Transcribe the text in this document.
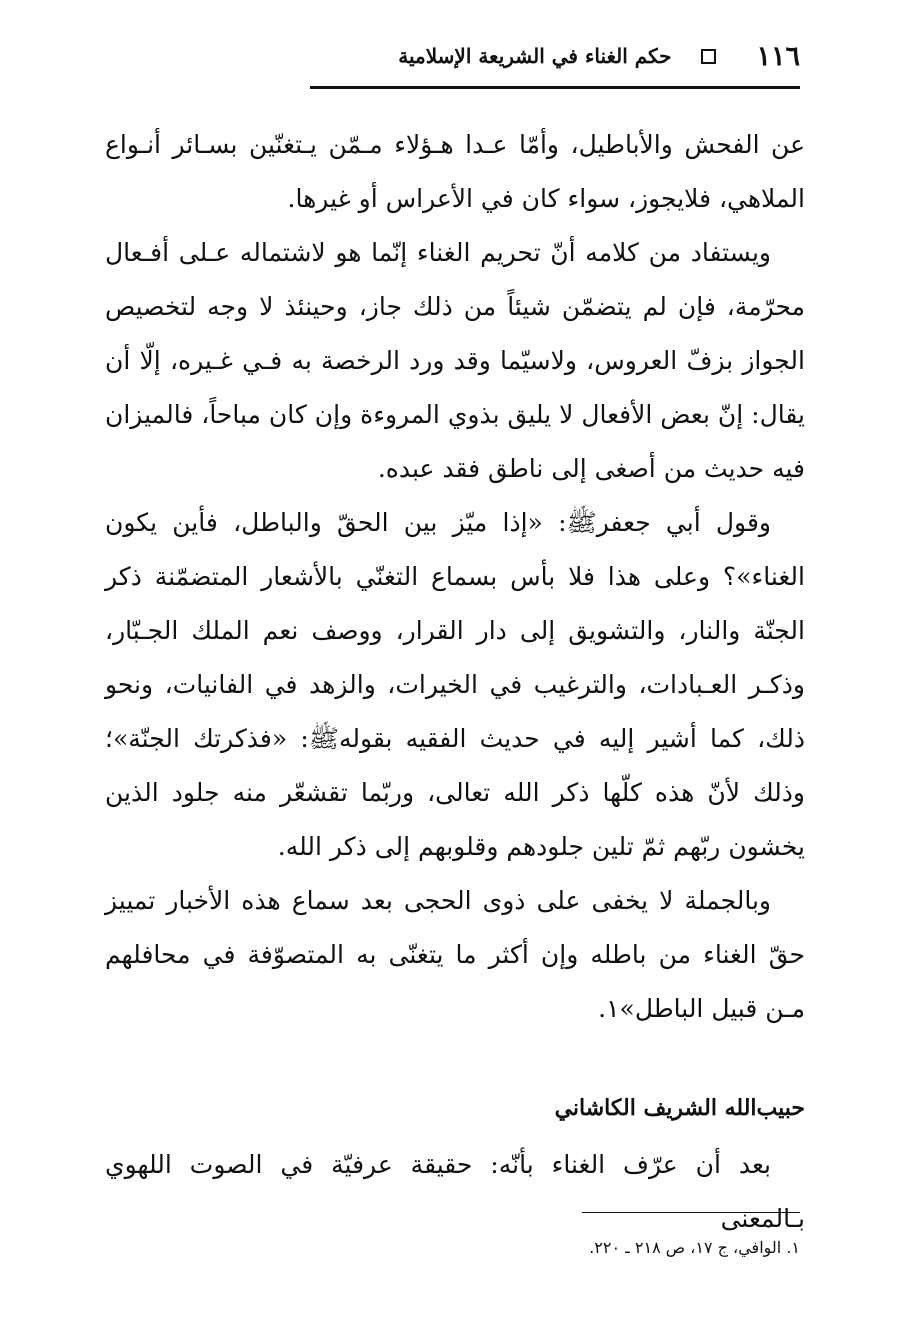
١١٦
حكم الغناء في الشريعة الإسلامية

عن الفحش والأباطيل، وأمّا عـدا هـؤلاء مـمّن يـتغنّين بسـائر أنـواع الملاهي، فلايجوز، سواء كان في الأعراس أو غيرها.

ويستفاد من كلامه أنّ تحريم الغناء إنّما هو لاشتماله عـلى أفـعال محرّمة، فإن لم يتضمّن شيئاً من ذلك جاز، وحينئذ لا وجه لتخصيص الجواز بزفّ العروس، ولاسيّما وقد ورد الرخصة به فـي غـيره، إلّا أن يقال: إنّ بعض الأفعال لا يليق بذوي المروءة وإن كان مباحاً، فالميزان فيه حديث من أصغى إلى ناطق فقد عبده.

وقول أبي جعفرﷺ: «إذا ميّز بين الحقّ والباطل، فأين يكون الغناء»؟ وعلى هذا فلا بأس بسماع التغنّي بالأشعار المتضمّنة ذكر الجنّة والنار، والتشويق إلى دار القرار، ووصف نعم الملك الجـبّار، وذكـر العـبادات، والترغيب في الخيرات، والزهد في الفانيات، ونحو ذلك، كما أشير إليه في حديث الفقيه بقولهﷺ: «فذكرتك الجنّة»؛ وذلك لأنّ هذه كلّها ذكر الله تعالى، وربّما تقشعّر منه جلود الذين يخشون ربّهم ثمّ تلين جلودهم وقلوبهم إلى ذكر الله.

وبالجملة لا يخفى على ذوى الحجى بعد سماع هذه الأخبار تمييز حقّ الغناء من باطله وإن أكثر ما يتغنّى به المتصوّفة في محافلهم مـن قبيل الباطل»١.

حبيب‌الله الشريف الكاشاني

بعد أن عرّف الغناء بأنّه: حقيقة عرفيّة في الصوت اللهوي بـالمعنى

١. الوافي، ج ١٧، ص ٢١٨ ـ ٢٢٠.
